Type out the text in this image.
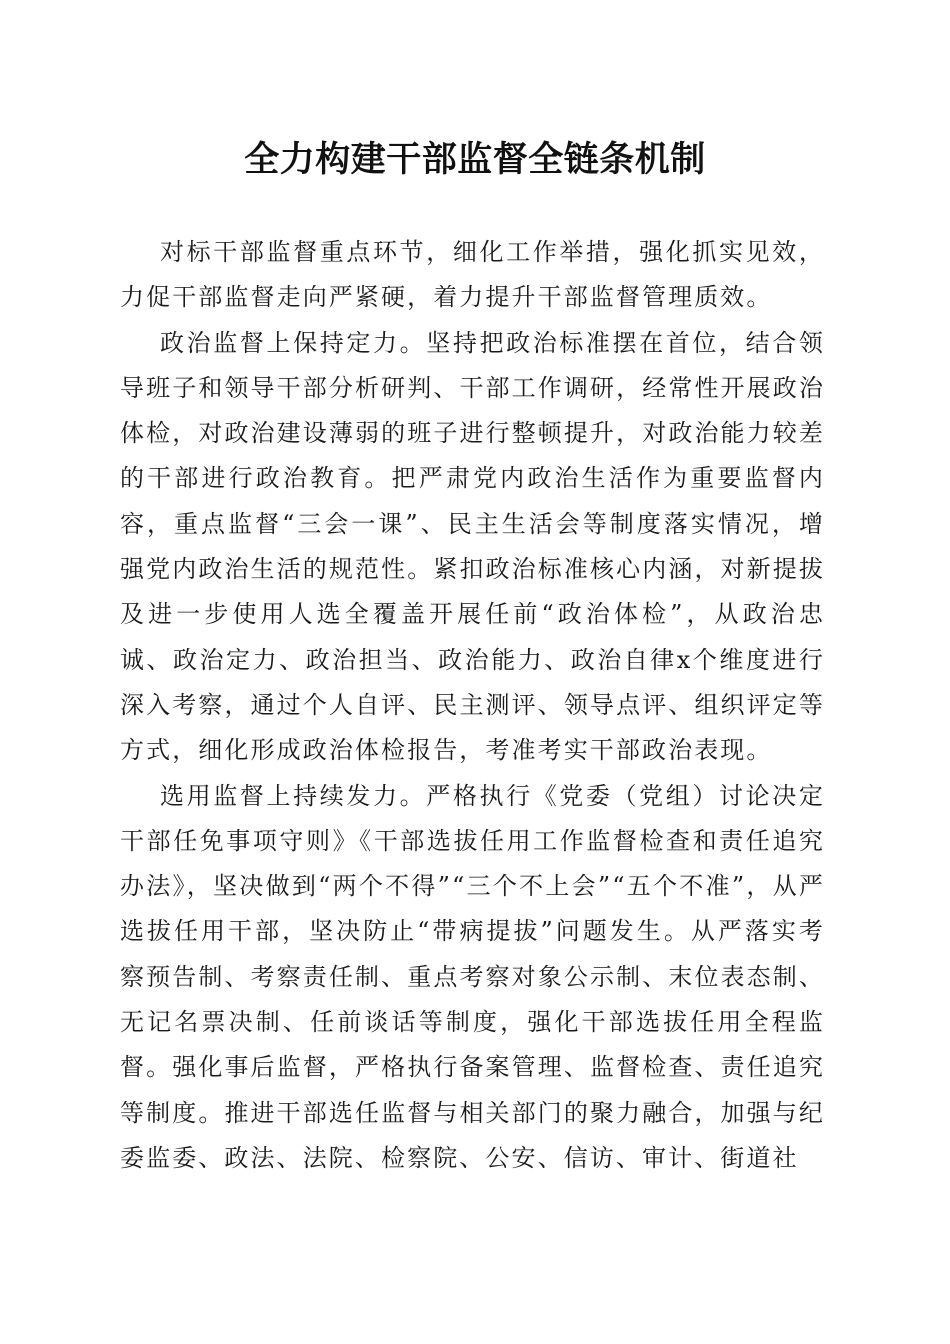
全力构建干部监督全链条机制

对标干部监督重点环节，细化工作举措，强化抓实见效，力促干部监督走向严紧硬，着力提升干部监督管理质效。

政治监督上保持定力。坚持把政治标准摆在首位，结合领导班子和领导干部分析研判、干部工作调研，经常性开展政治体检，对政治建设薄弱的班子进行整顿提升，对政治能力较差的干部进行政治教育。把严肃党内政治生活作为重要监督内容，重点监督“三会一课”、民主生活会等制度落实情况，增强党内政治生活的规范性。紧扣政治标准核心内涵，对新提拔及进一步使用人选全覆盖开展任前“政治体检”，从政治忠诚、政治定力、政治担当、政治能力、政治自律x个维度进行深入考察，通过个人自评、民主测评、领导点评、组织评定等方式，细化形成政治体检报告，考准考实干部政治表现。

选用监督上持续发力。严格执行《党委（党组）讨论决定干部任免事项守则》《干部选拔任用工作监督检查和责任追究办法》，坚决做到“两个不得”“三个不上会”“五个不准”，从严选拔任用干部，坚决防止“带病提拔”问题发生。从严落实考察预告制、考察责任制、重点考察对象公示制、末位表态制、无记名票决制、任前谈话等制度，强化干部选拔任用全程监督。强化事后监督，严格执行备案管理、监督检查、责任追究等制度。推进干部选任监督与相关部门的聚力融合，加强与纪委监委、政法、法院、检察院、公安、信访、审计、街道社
